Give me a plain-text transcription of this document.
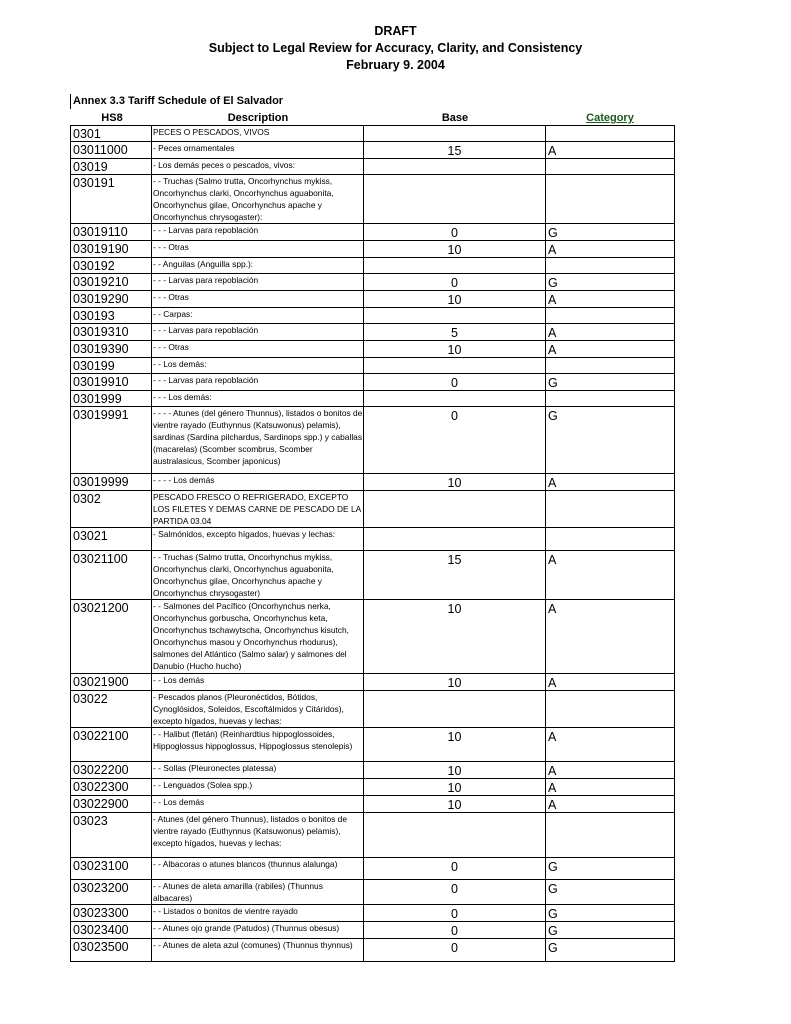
DRAFT
Subject to Legal Review for Accuracy, Clarity, and Consistency
February 9. 2004
Annex 3.3 Tariff Schedule of El Salvador
HS8	Description	Base	Category
0301	PECES O PESCADOS, VIVOS		
03011000	- Peces ornamentales	15	A
03019	- Los demás peces o pescados, vivos:		
030191	- - Truchas (Salmo trutta, Oncorhynchus mykiss, Oncorhynchus clarki, Oncorhynchus aguabonita, Oncorhynchus gilae, Oncorhynchus apache y Oncorhynchus chrysogaster):		
03019110	- - - Larvas para repoblación	0	G
03019190	- - - Otras	10	A
030192	- - Anguilas (Anguilla spp.):		
03019210	- - - Larvas para repoblación	0	G
03019290	- - - Otras	10	A
030193	- - Carpas:		
03019310	- - - Larvas para repoblación	5	A
03019390	- - - Otras	10	A
030199	- - Los demás:		
03019910	- - - Larvas para repoblación	0	G
0301999	- - - Los demás:		
03019991	- - - - Atunes (del género Thunnus), listados o bonitos de vientre rayado (Euthynnus (Katsuwonus) pelamis), sardinas (Sardina pilchardus, Sardinops spp.) y caballas (macarelas) (Scomber scombrus, Scomber australasicus, Scomber japonicus)	0	G
03019999	- - - - Los demás	10	A
0302	PESCADO FRESCO O REFRIGERADO, EXCEPTO LOS FILETES Y DEMAS CARNE DE PESCADO DE LA PARTIDA 03.04		
03021	- Salmónidos, excepto hígados, huevas y lechas:		
03021100	- - Truchas (Salmo trutta, Oncorhynchus mykiss, Oncorhynchus clarki, Oncorhynchus aguabonita, Oncorhynchus gilae, Oncorhynchus apache y Oncorhynchus chrysogaster)	15	A
03021200	- - Salmones del Pacífico (Oncorhynchus nerka, Oncorhynchus gorbuscha, Oncorhynchus keta, Oncorhynchus tschawytscha, Oncorhynchus kisutch, Oncorhynchus masou y Oncorhynchus rhodurus), salmones del Atlántico (Salmo salar) y salmones del Danubio (Hucho hucho)	10	A
03021900	- - Los demás	10	A
03022	- Pescados planos (Pleuronéctidos, Bótidos, Cynoglósidos, Soleidos, Escoftálmidos y Citáridos), excepto hígados, huevas y lechas:		
03022100	- - Halibut (fletán) (Reinhardtius hippoglossoides, Hippoglossus hippoglossus, Hippoglossus stenolepis)	10	A
03022200	- - Sollas (Pleuronectes platessa)	10	A
03022300	- - Lenguados (Solea spp.)	10	A
03022900	- - Los demás	10	A
03023	- Atunes (del género Thunnus), listados o bonitos de vientre rayado (Euthynnus (Katsuwonus) pelamis), excepto hígados, huevas y lechas:		
03023100	- - Albacoras o atunes blancos (thunnus alalunga)	0	G
03023200	- - Atunes de aleta amarilla (rabiles) (Thunnus albacares)	0	G
03023300	- - Listados o bonitos de vientre rayado	0	G
03023400	- - Atunes ojo grande (Patudos) (Thunnus obesus)	0	G
03023500	- - Atunes de aleta azul (comunes) (Thunnus thynnus)	0	G
